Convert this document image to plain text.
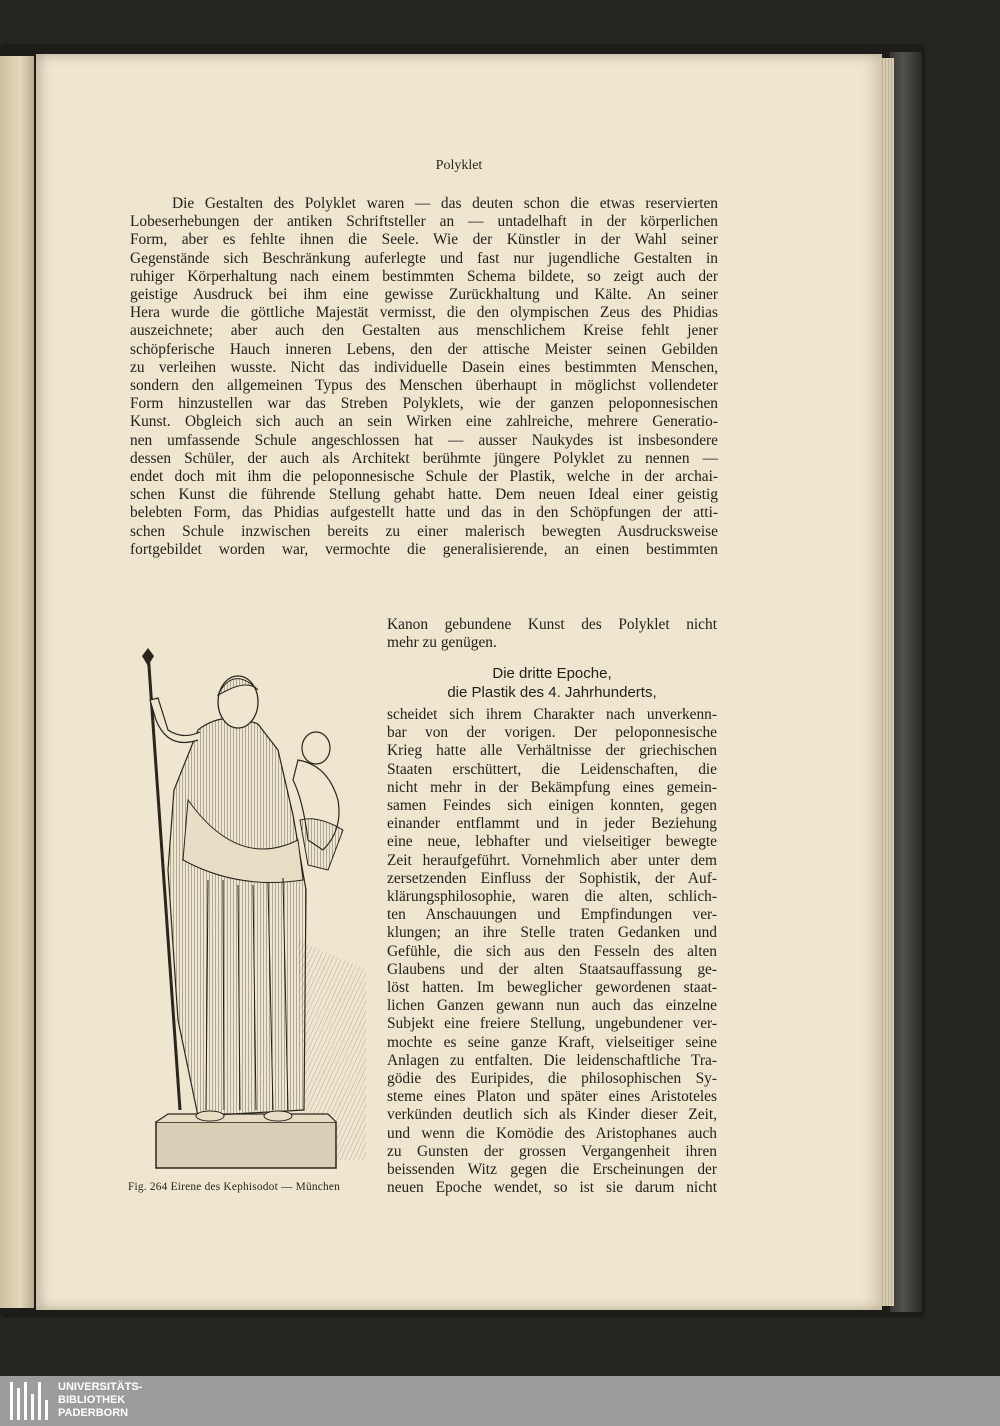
Polyklet
Die Gestalten des Polyklet waren — das deuten schon die etwas reservierten
Lobeserhebungen der antiken Schriftsteller an — untadelhaft in der körperlichen
Form, aber es fehlte ihnen die Seele. Wie der Künstler in der Wahl seiner
Gegenstände sich Beschränkung auferlegte und fast nur jugendliche Gestalten in
ruhiger Körperhaltung nach einem bestimmten Schema bildete, so zeigt auch der
geistige Ausdruck bei ihm eine gewisse Zurückhaltung und Kälte. An seiner
Hera wurde die göttliche Majestät vermisst, die den olympischen Zeus des Phidias
auszeichnete; aber auch den Gestalten aus menschlichem Kreise fehlt jener
schöpferische Hauch inneren Lebens, den der attische Meister seinen Gebilden
zu verleihen wusste. Nicht das individuelle Dasein eines bestimmten Menschen,
sondern den allgemeinen Typus des Menschen überhaupt in möglichst vollendeter
Form hinzustellen war das Streben Polyklets, wie der ganzen peloponnesischen
Kunst. Obgleich sich auch an sein Wirken eine zahlreiche, mehrere Generatio-
nen umfassende Schule angeschlossen hat — ausser Naukydes ist insbesondere
dessen Schüler, der auch als Architekt berühmte jüngere Polyklet zu nennen —
endet doch mit ihm die peloponnesische Schule der Plastik, welche in der archai-
schen Kunst die führende Stellung gehabt hatte. Dem neuen Ideal einer geistig
belebten Form, das Phidias aufgestellt hatte und das in den Schöpfungen der atti-
schen Schule inzwischen bereits zu einer malerisch bewegten Ausdrucksweise
fortgebildet worden war, vermochte die generalisierende, an einen bestimmten
Kanon gebundene Kunst des Polyklet nicht
mehr zu genügen.
Die dritte Epoche,
die Plastik des 4. Jahrhunderts,
scheidet sich ihrem Charakter nach unverkenn-
bar von der vorigen. Der peloponnesische
Krieg hatte alle Verhältnisse der griechischen
Staaten erschüttert, die Leidenschaften, die
nicht mehr in der Bekämpfung eines gemein-
samen Feindes sich einigen konnten, gegen
einander entflammt und in jeder Beziehung
eine neue, lebhafter und vielseitiger bewegte
Zeit heraufgeführt. Vornehmlich aber unter dem
zersetzenden Einfluss der Sophistik, der Auf-
klärungsphilosophie, waren die alten, schlich-
ten Anschauungen und Empfindungen ver-
klungen; an ihre Stelle traten Gedanken und
Gefühle, die sich aus den Fesseln des alten
Glaubens und der alten Staatsauffassung ge-
löst hatten. Im beweglicher gewordenen staat-
lichen Ganzen gewann nun auch das einzelne
Subjekt eine freiere Stellung, ungebundener ver-
mochte es seine ganze Kraft, vielseitiger seine
Anlagen zu entfalten. Die leidenschaftliche Tra-
gödie des Euripides, die philosophischen Sy-
steme eines Platon und später eines Aristoteles
verkünden deutlich sich als Kinder dieser Zeit,
und wenn die Komödie des Aristophanes auch
zu Gunsten der grossen Vergangenheit ihren
beissenden Witz gegen die Erscheinungen der
neuen Epoche wendet, so ist sie darum nicht
Fig. 264 Eirene des Kephisodot — München
UNIVERSITÄTS-
BIBLIOTHEK
PADERBORN
